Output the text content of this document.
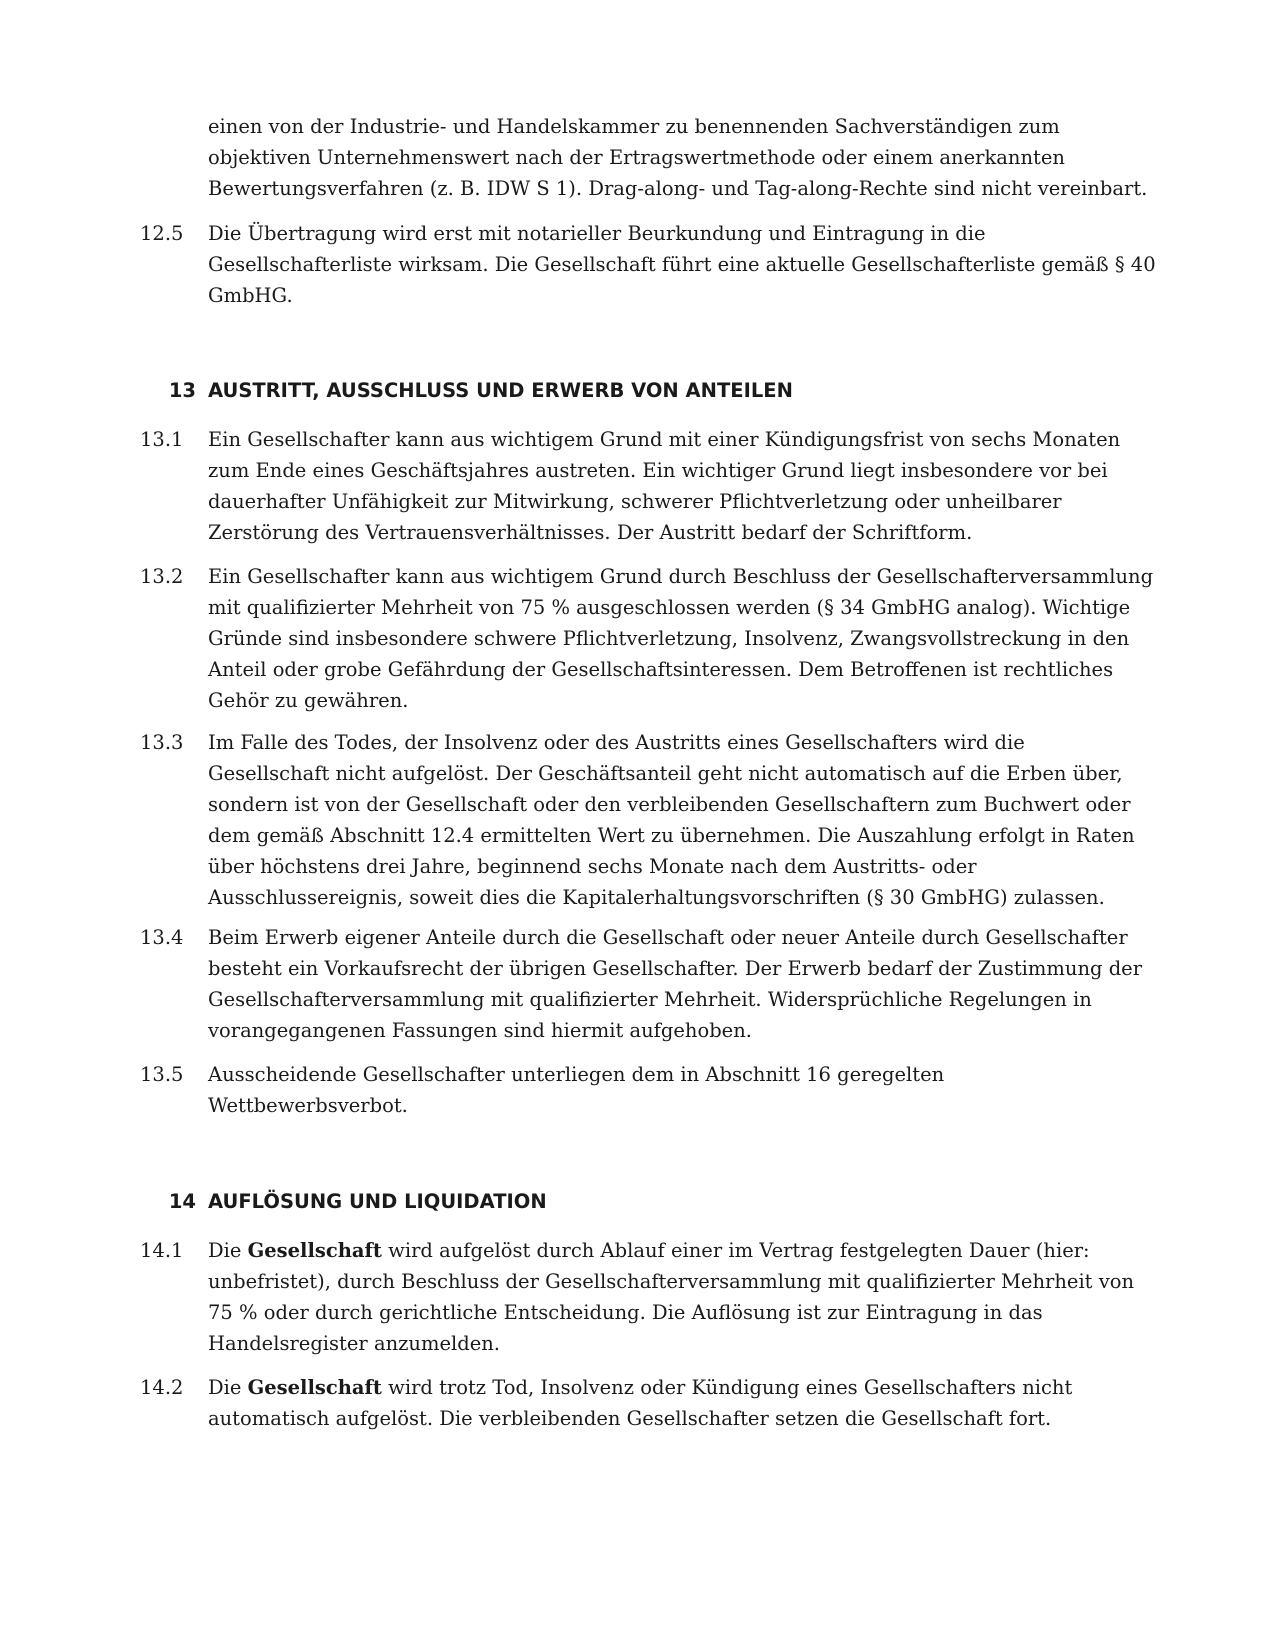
einen von der Industrie- und Handelskammer zu benennenden Sachverständigen zum
objektiven Unternehmenswert nach der Ertragswertmethode oder einem anerkannten
Bewertungsverfahren (z. B. IDW S 1). Drag-along- und Tag-along-Rechte sind nicht vereinbart.
12.5	Die Übertragung wird erst mit notarieller Beurkundung und Eintragung in die
Gesellschafterliste wirksam. Die Gesellschaft führt eine aktuelle Gesellschafterliste gemäß § 40
GmbHG.
13 AUSTRITT, AUSSCHLUSS UND ERWERB VON ANTEILEN
13.1	Ein Gesellschafter kann aus wichtigem Grund mit einer Kündigungsfrist von sechs Monaten
zum Ende eines Geschäftsjahres austreten. Ein wichtiger Grund liegt insbesondere vor bei
dauerhafter Unfähigkeit zur Mitwirkung, schwerer Pflichtverletzung oder unheilbarer
Zerstörung des Vertrauensverhältnisses. Der Austritt bedarf der Schriftform.
13.2	Ein Gesellschafter kann aus wichtigem Grund durch Beschluss der Gesellschafterversammlung
mit qualifizierter Mehrheit von 75 % ausgeschlossen werden (§ 34 GmbHG analog). Wichtige
Gründe sind insbesondere schwere Pflichtverletzung, Insolvenz, Zwangsvollstreckung in den
Anteil oder grobe Gefährdung der Gesellschaftsinteressen. Dem Betroffenen ist rechtliches
Gehör zu gewähren.
13.3	Im Falle des Todes, der Insolvenz oder des Austritts eines Gesellschafters wird die
Gesellschaft nicht aufgelöst. Der Geschäftsanteil geht nicht automatisch auf die Erben über,
sondern ist von der Gesellschaft oder den verbleibenden Gesellschaftern zum Buchwert oder
dem gemäß Abschnitt 12.4 ermittelten Wert zu übernehmen. Die Auszahlung erfolgt in Raten
über höchstens drei Jahre, beginnend sechs Monate nach dem Austritts- oder
Ausschlussereignis, soweit dies die Kapitalerhaltungsvorschriften (§ 30 GmbHG) zulassen.
13.4	Beim Erwerb eigener Anteile durch die Gesellschaft oder neuer Anteile durch Gesellschafter
besteht ein Vorkaufsrecht der übrigen Gesellschafter. Der Erwerb bedarf der Zustimmung der
Gesellschafterversammlung mit qualifizierter Mehrheit. Widersprüchliche Regelungen in
vorangegangenen Fassungen sind hiermit aufgehoben.
13.5	Ausscheidende Gesellschafter unterliegen dem in Abschnitt 16 geregelten
Wettbewerbsverbot.
14 AUFLÖSUNG UND LIQUIDATION
14.1	Die Gesellschaft wird aufgelöst durch Ablauf einer im Vertrag festgelegten Dauer (hier:
unbefristet), durch Beschluss der Gesellschafterversammlung mit qualifizierter Mehrheit von
75 % oder durch gerichtliche Entscheidung. Die Auflösung ist zur Eintragung in das
Handelsregister anzumelden.
14.2	Die Gesellschaft wird trotz Tod, Insolvenz oder Kündigung eines Gesellschafters nicht
automatisch aufgelöst. Die verbleibenden Gesellschafter setzen die Gesellschaft fort.
